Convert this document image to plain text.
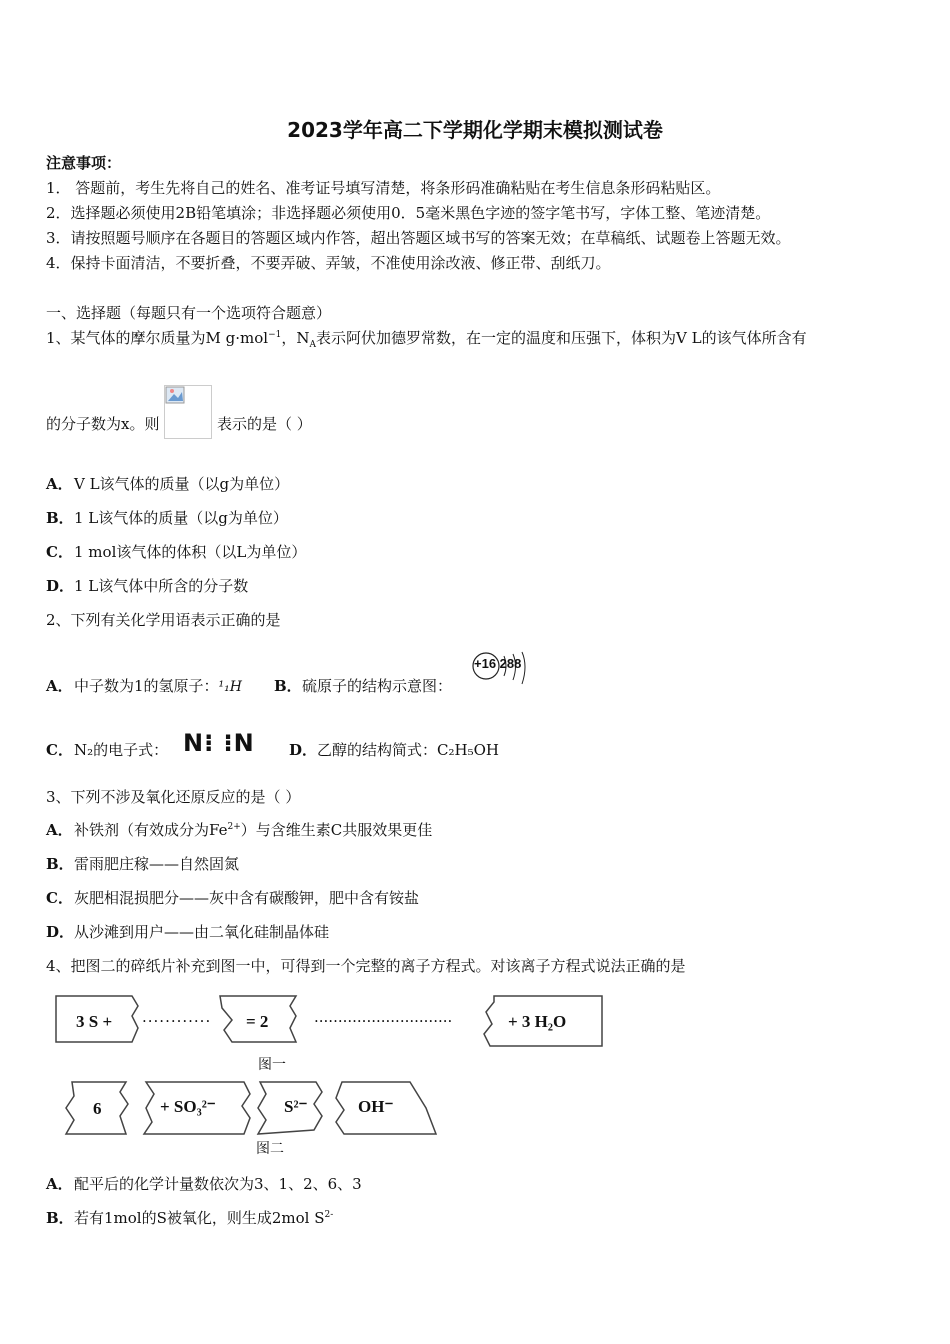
2023学年高二下学期化学期末模拟测试卷
注意事项：
1． 答题前，考生先将自己的姓名、准考证号填写清楚，将条形码准确粘贴在考生信息条形码粘贴区。
2．选择题必须使用2B铅笔填涂；非选择题必须使用0．5毫米黑色字迹的签字笔书写，字体工整、笔迹清楚。
3．请按照题号顺序在各题目的答题区域内作答，超出答题区域书写的答案无效；在草稿纸、试题卷上答题无效。
4．保持卡面清洁，不要折叠，不要弄破、弄皱，不准使用涂改液、修正带、刮纸刀。
一、选择题（每题只有一个选项符合题意）
1、某气体的摩尔质量为M g·mol$^{-1}$，$N_A$表示阿伏加德罗常数，在一定的温度和压强下，体积为V L的该气体所含有
的分子数为x。则	表示的是（ ）
A．V L该气体的质量（以g为单位）
B．1 L该气体的质量（以g为单位）
C．1 mol该气体的体积（以L为单位）
D．1 L该气体中所含的分子数
2、下列有关化学用语表示正确的是
A．中子数为1的氢原子：¹₁H B．硫原子的结构示意图：
+16 288
C．N₂的电子式： N⁝ ⁝N D．乙醇的结构简式：C₂H₅OH
3、下列不涉及氧化还原反应的是（ ）
A．补铁剂（有效成分为$Fe^{2+}$）与含维生素C共服效果更佳
B．雷雨肥庄稼——自然固氮
C．灰肥相混损肥分——灰中含有碳酸钾，肥中含有铵盐
D．从沙滩到用户——由二氧化硅制晶体硅
4、把图二的碎纸片补充到图一中，可得到一个完整的离子方程式。对该离子方程式说法正确的是
3 S + ............ = 2	.............................	+ 3 H₂O
图一
6	+ SO₃²⁻	S²⁻	OH⁻
图二
A．配平后的化学计量数依次为3、1、2、6、3
B．若有1mol的S被氧化，则生成2mol $S^{2-}$
